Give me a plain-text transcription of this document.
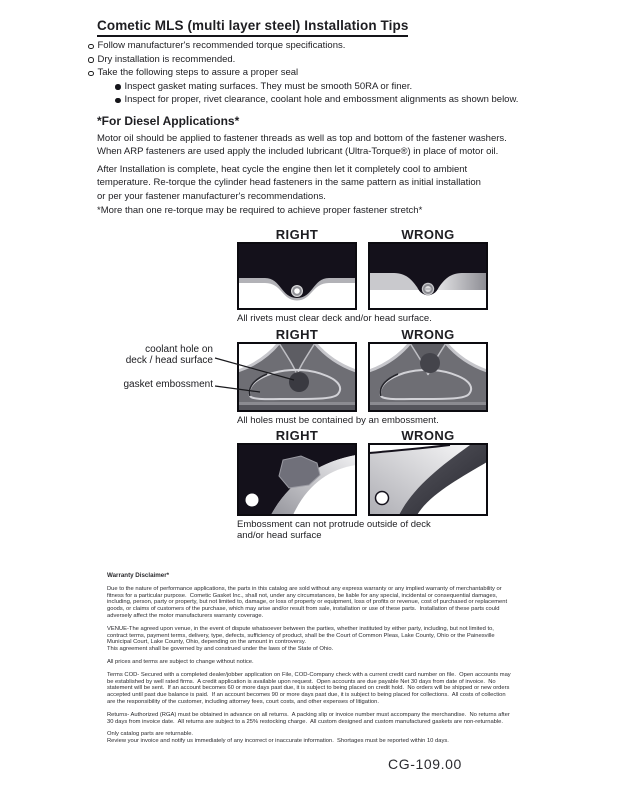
Cometic MLS (multi layer steel) Installation Tips
Follow manufacturer's recommended torque specifications.
Dry installation is recommended.
Take the following steps to assure a proper seal
Inspect gasket mating surfaces. They must be smooth 50RA or finer.
Inspect for proper, rivet clearance, coolant hole and embossment alignments as shown below.
*For Diesel Applications*
Motor oil should be applied to fastener threads as well as top and bottom of the fastener washers.
When ARP fasteners are used apply the included lubricant (Ultra-Torque®) in place of motor oil.
After Installation is complete, heat cycle the engine then let it completely cool to ambient
temperature. Re-torque the cylinder head fasteners in the same pattern as initial installation
or per your fastener manufacturer's recommendations.
*More than one re-torque may be required to achieve proper fastener stretch*
RIGHT	WRONG
All rivets must clear deck and/or head surface.
RIGHT	WRONG
All holes must be contained by an embossment.
coolant hole on
deck / head surface
gasket embossment
RIGHT	WRONG
Embossment can not protrude outside of deck
and/or head surface
Warranty Disclaimer*

Due to the nature of performance applications, the parts in this catalog are sold without any express warranty or any implied warranty of merchantability or
fitness for a particular purpose.  Cometic Gasket Inc., shall not, under any circumstances, be liable for any special, incidental or consequential damages,
including, person, party or property, but not limited to, damage, or loss of property or equipment, loss of profits or revenue, cost of purchased or replacement
goods, or claims of customers of the purchase, which may arise and/or result from sale, installation or use of these parts.  Installation of these parts could
adversely affect the motor manufacturers warranty coverage.

VENUE-The agreed upon venue, in the event of dispute whatsoever between the parties, whether instituted by either party, including, but not limited to,
contract terms, payment terms, delivery, type, defects, sufficiency of product, shall be the Court of Common Pleas, Lake County, Ohio or the Painesville
Municipal Court, Lake County, Ohio, depending on the amount in controversy.
This agreement shall be governed by and construed under the laws of the State of Ohio.

All prices and terms are subject to change without notice.

Terms COD- Secured with a completed dealer/jobber application on File, COD-Company check with a current credit card number on file.  Open accounts may
be established by well rated firms.  A credit application is available upon request.  Open accounts are due payable Net 30 days from date of invoice.  No
statement will be sent.  If an account becomes 60 or more days past due, it is subject to being placed on credit hold.  No orders will be shipped or new orders
accepted until past due balance is paid.  If an account becomes 90 or more days past due, it is subject to being placed for collections.  All costs of collection
are the responsibility of the customer, including attorney fees, court costs, and other expenses of litigation.

Returns- Authorized (RGA) must be obtained in advance on all returns.  A packing slip or invoice number must accompany the merchandise.  No returns after
30 days from invoice date.  All returns are subject to a 25% restocking charge.  All custom designed and custom manufactured gaskets are non-returnable.

Only catalog parts are returnable.
Review your invoice and notify us immediately of any incorrect or inaccurate information.  Shortages must be reported within 10 days.

CG-109.00
